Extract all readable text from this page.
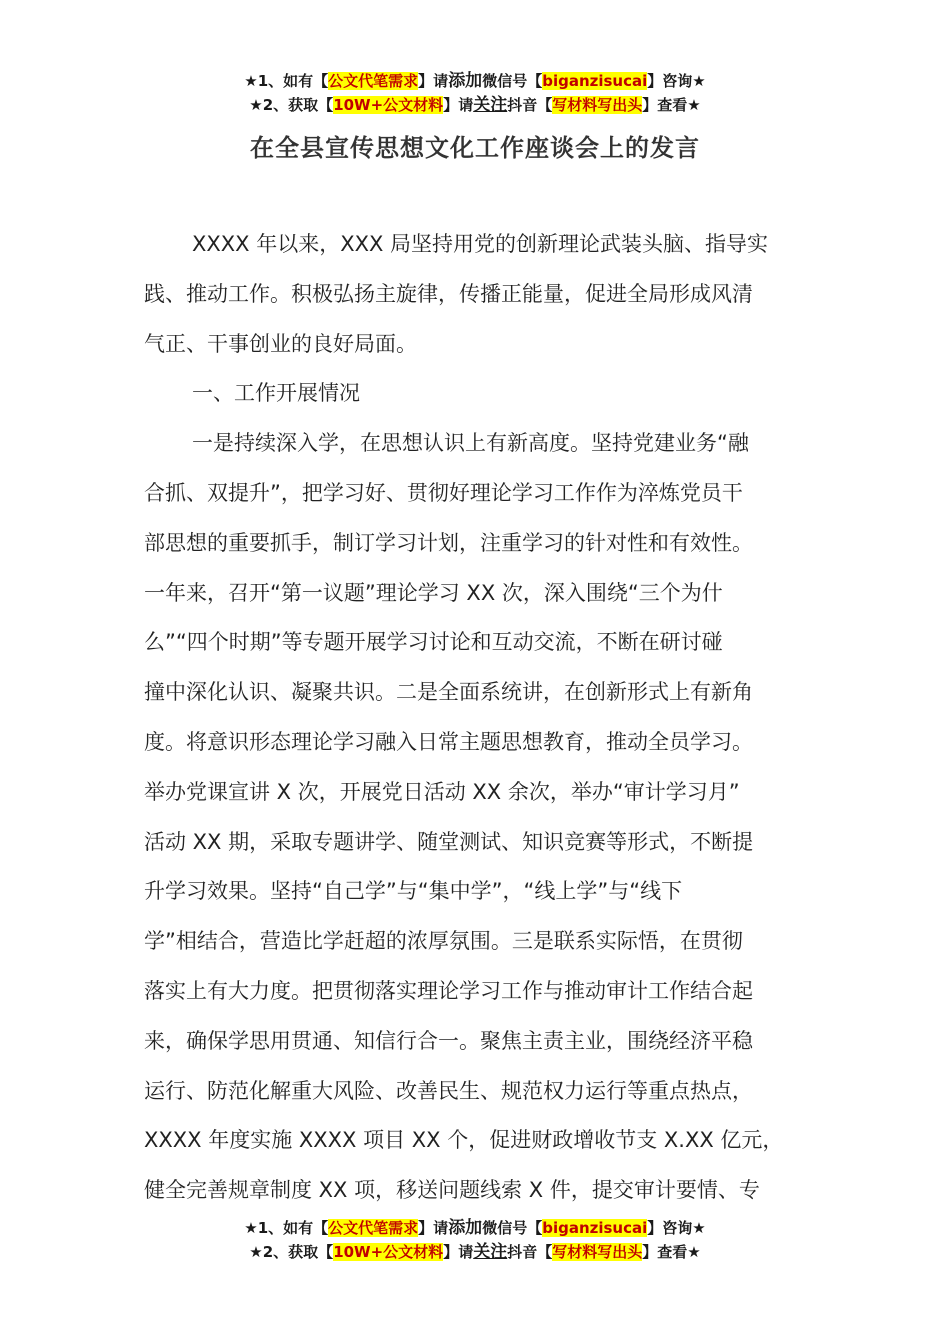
★1、如有【公文代笔需求】请添加微信号【biganzisucai】咨询★
★2、获取【10W+公文材料】请关注抖音【写材料写出头】查看★
在全县宣传思想文化工作座谈会上的发言

XXXX 年以来，XXX 局坚持用党的创新理论武装头脑、指导实
践、推动工作。积极弘扬主旋律，传播正能量，促进全局形成风清
气正、干事创业的良好局面。

一、工作开展情况

一是持续深入学，在思想认识上有新高度。坚持党建业务“融
合抓、双提升”，把学习好、贯彻好理论学习工作作为淬炼党员干
部思想的重要抓手，制订学习计划，注重学习的针对性和有效性。
一年来，召开“第一议题”理论学习 XX 次，深入围绕“三个为什
么”“四个时期”等专题开展学习讨论和互动交流，不断在研讨碰
撞中深化认识、凝聚共识。二是全面系统讲，在创新形式上有新角
度。将意识形态理论学习融入日常主题思想教育，推动全员学习。
举办党课宣讲 X 次，开展党日活动 XX 余次，举办“审计学习月”
活动 XX 期，采取专题讲学、随堂测试、知识竞赛等形式，不断提
升学习效果。坚持“自己学”与“集中学”，“线上学”与“线下
学”相结合，营造比学赶超的浓厚氛围。三是联系实际悟，在贯彻
落实上有大力度。把贯彻落实理论学习工作与推动审计工作结合起
来，确保学思用贯通、知信行合一。聚焦主责主业，围绕经济平稳
运行、防范化解重大风险、改善民生、规范权力运行等重点热点，
XXXX 年度实施 XXXX 项目 XX 个，促进财政增收节支 X.XX 亿元，
健全完善规章制度 XX 项，移送问题线索 X 件，提交审计要情、专

★1、如有【公文代笔需求】请添加微信号【biganzisucai】咨询★
★2、获取【10W+公文材料】请关注抖音【写材料写出头】查看★
